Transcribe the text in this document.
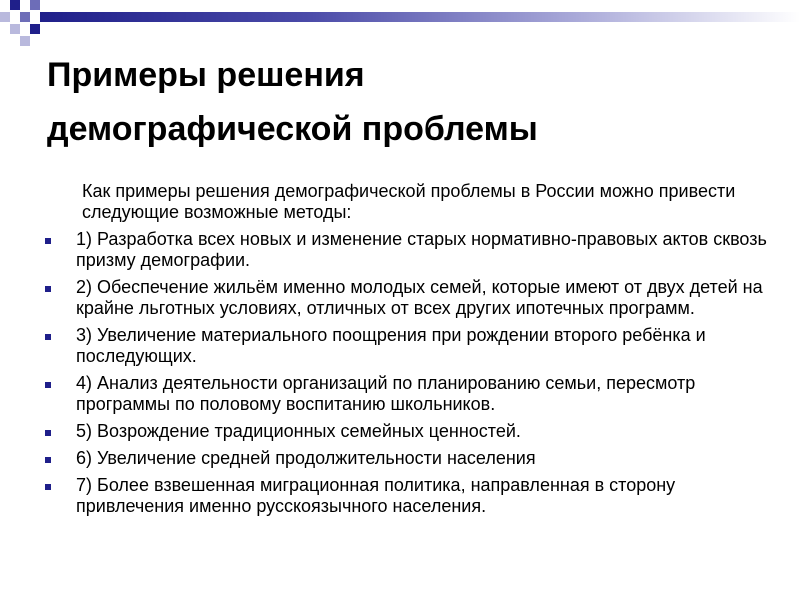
Примеры решения
демографической проблемы

Как примеры решения демографической проблемы в России можно привести следующие возможные методы:

1) Разработка всех новых и изменение старых нормативно-правовых актов сквозь призму демографии.
2) Обеспечение жильём именно молодых семей, которые имеют от двух детей на крайне льготных условиях, отличных от всех других ипотечных программ.
3) Увеличение материального поощрения при рождении второго ребёнка и последующих.
4) Анализ деятельности организаций по планированию семьи, пересмотр программы по половому воспитанию школьников.
5) Возрождение традиционных семейных ценностей.
6) Увеличение средней продолжительности населения
7) Более взвешенная миграционная политика, направленная в сторону привлечения именно русскоязычного населения.
